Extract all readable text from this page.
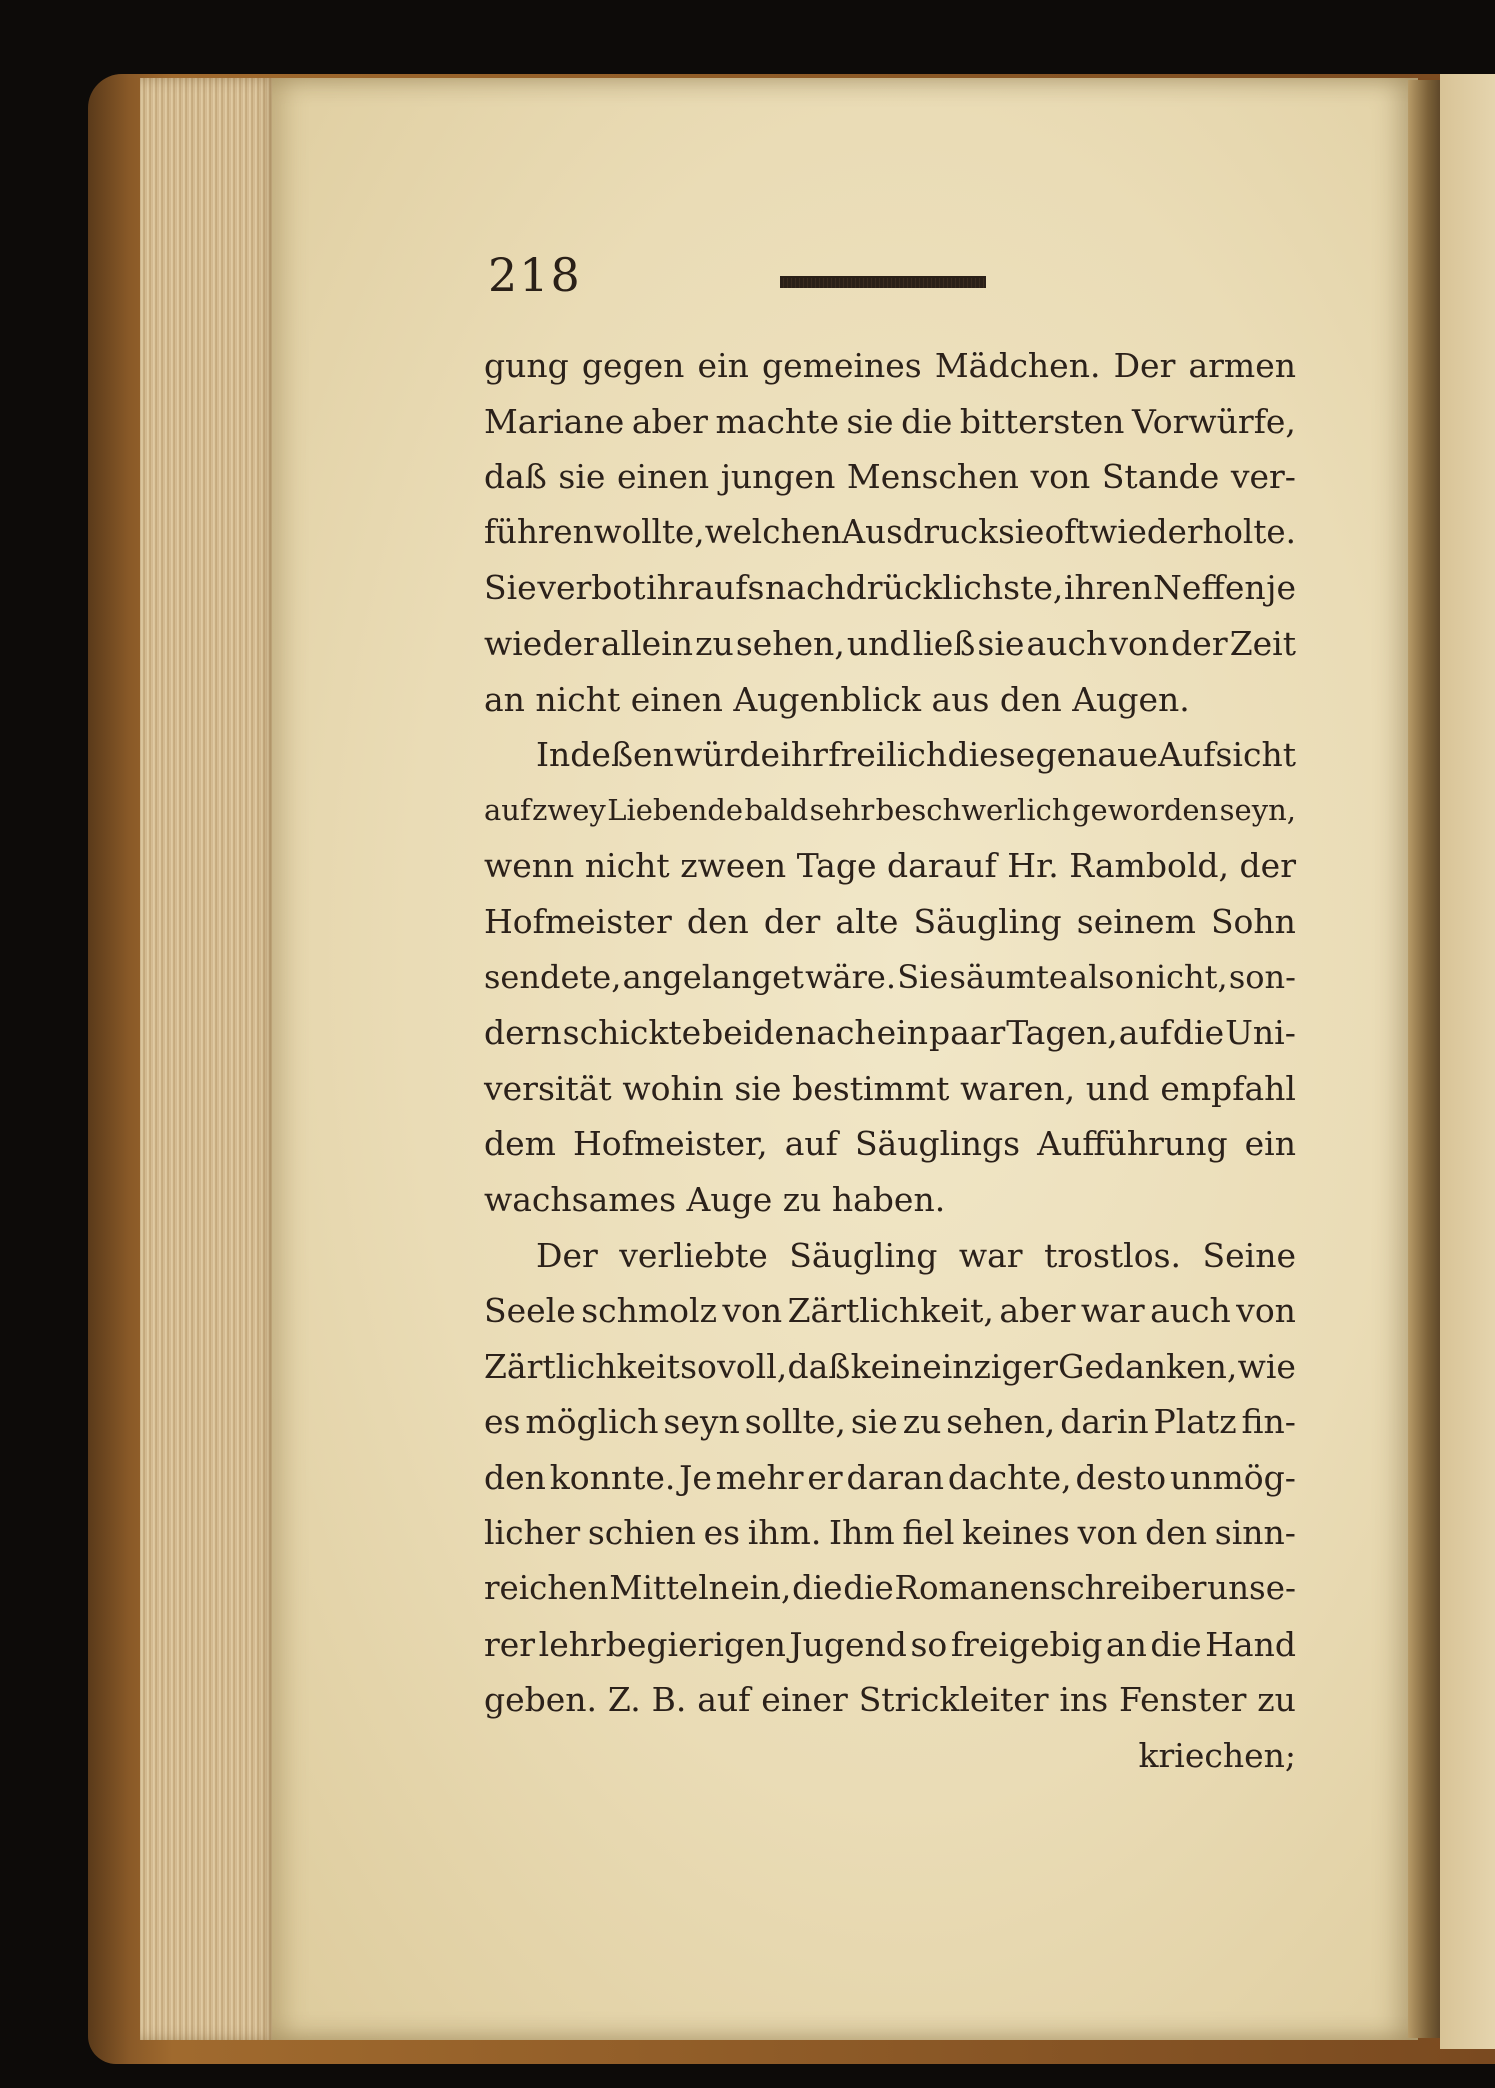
218
gung gegen ein gemeines Mädchen. Der armen
Mariane aber machte sie die bittersten Vorwürfe,
daß sie einen jungen Menschen von Stande ver-
führen wollte, welchen Ausdruck sie oft wiederholte.
Sie verbot ihr aufs nachdrücklichste, ihren Neffen je
wieder allein zu sehen, und ließ sie auch von der Zeit
an nicht einen Augenblick aus den Augen.
Indeßen würde ihr freilich diese genaue Aufsicht
auf zwey Liebende bald sehr beschwerlich geworden seyn,
wenn nicht zween Tage darauf Hr. Rambold, der
Hofmeister den der alte Säugling seinem Sohn
sendete, angelanget wäre. Sie säumte also nicht, son-
dern schickte beide nach ein paar Tagen, auf die Uni-
versität wohin sie bestimmt waren, und empfahl
dem Hofmeister, auf Säuglings Aufführung ein
wachsames Auge zu haben.
Der verliebte Säugling war trostlos. Seine
Seele schmolz von Zärtlichkeit, aber war auch von
Zärtlichkeit so voll, daß kein einziger Gedanken, wie
es möglich seyn sollte, sie zu sehen, darin Platz fin-
den konnte. Je mehr er daran dachte, desto unmög-
licher schien es ihm. Ihm fiel keines von den sinn-
reichen Mitteln ein, die die Romanenschreiber unse-
rer lehrbegierigen Jugend so freigebig an die Hand
geben. Z. B. auf einer Strickleiter ins Fenster zu
kriechen;
